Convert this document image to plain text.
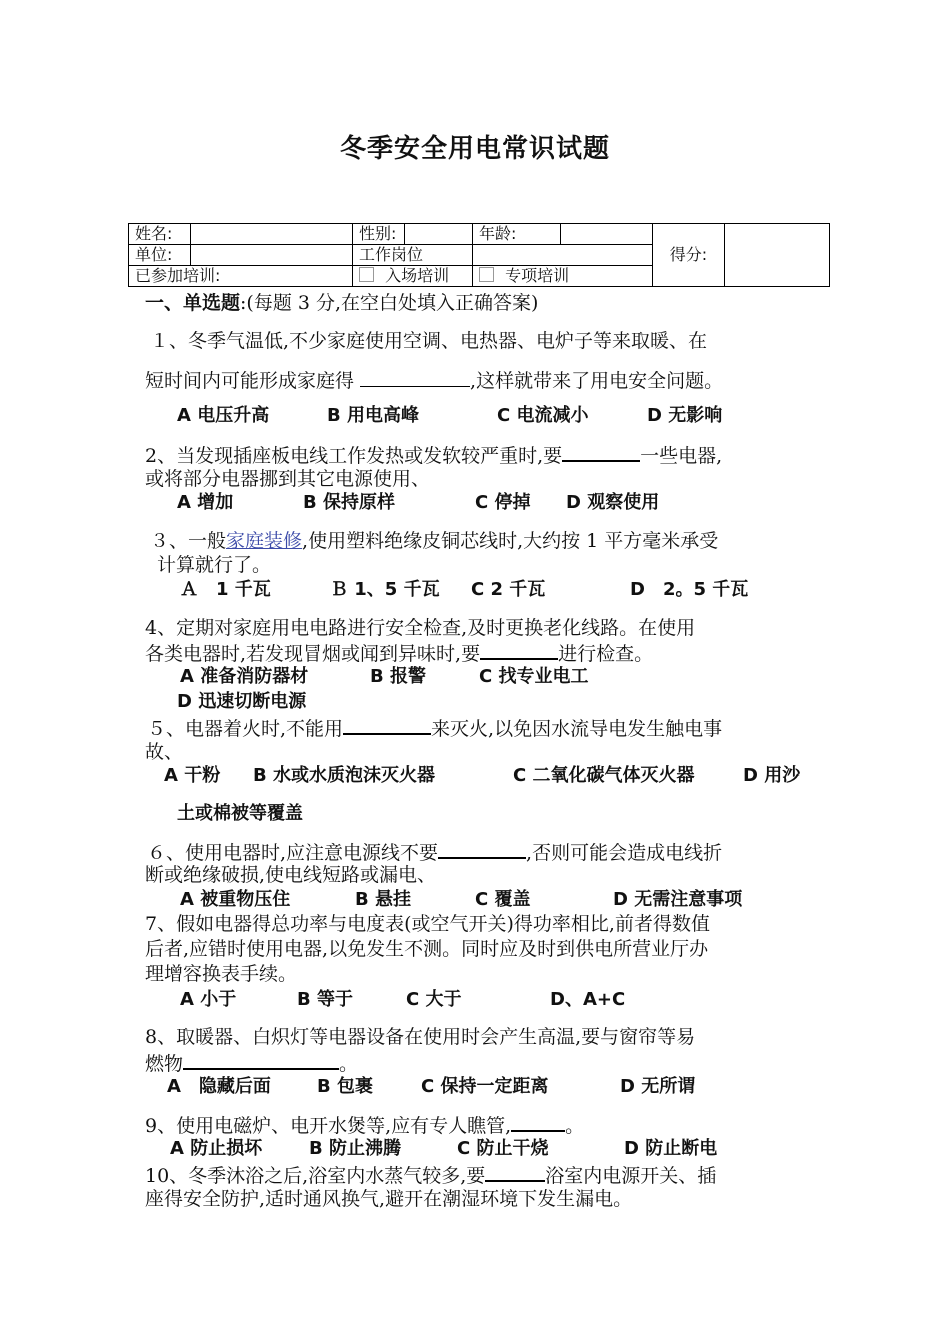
冬季安全用电常识试题
姓名:		性别:		年龄:		得分:	
单位:		工作岗位					
已参加培训:		入场培训		专项培训			
一、单选题:(每题 3 分,在空白处填入正确答案)
１、冬季气温低,不少家庭使用空调、电热器、电炉子等来取暖、在
短时间内可能形成家庭得	,这样就带来了用电安全问题。
A 电压升高	B 用电高峰	C 电流减小	D 无影响
2、当发现插座板电线工作发热或发软较严重时,要	一些电器,
或将部分电器挪到其它电源使用、
A 增加	B 保持原样	C 停掉 D 观察使用
３、一般家庭装修,使用塑料绝缘皮铜芯线时,大约按 1 平方毫米承受
计算就行了。
Ａ　1 千瓦	Ｂ 1、5 千瓦 C 2 千瓦	D　2。5 千瓦
4、定期对家庭用电电路进行安全检查,及时更换老化线路。在使用
各类电器时,若发现冒烟或闻到异味时,要	进行检查。
A 准备消防器材	B 报警	C 找专业电工
D 迅速切断电源
５、电器着火时,不能用	来灭火,以免因水流导电发生触电事
故、
A 干粉 B 水或水质泡沫灭火器	C 二氧化碳气体灭火器	D 用沙
土或棉被等覆盖
６、使用电器时,应注意电源线不要	,否则可能会造成电线折
断或绝缘破损,使电线短路或漏电、
A 被重物压住	B 悬挂	C 覆盖	D 无需注意事项
7、假如电器得总功率与电度表(或空气开关)得功率相比,前者得数值
后者,应错时使用电器,以免发生不测。同时应及时到供电所营业厅办
理增容换表手续。
A 小于	B 等于	C 大于	D、A+C
8、取暖器、白炽灯等电器设备在使用时会产生高温,要与窗帘等易
燃物	。
A　隐藏后面	B 包裹	C 保持一定距离	D 无所谓
9、使用电磁炉、电开水煲等,应有专人瞧管,	。
A 防止损坏	B 防止沸腾	C 防止干烧	D 防止断电
10、冬季沐浴之后,浴室内水蒸气较多,要	浴室内电源开关、插
座得安全防护,适时通风换气,避开在潮湿环境下发生漏电。
